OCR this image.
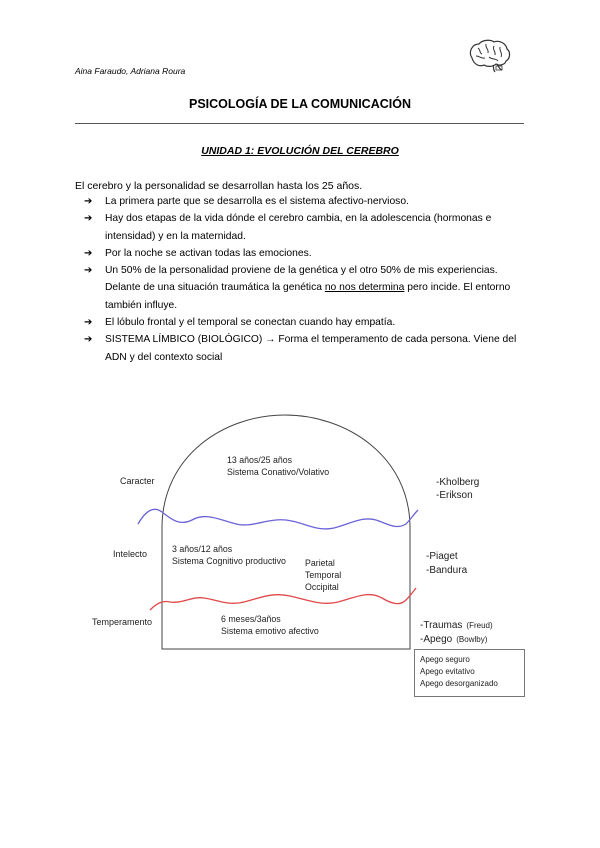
Aina Faraudo, Adriana Roura
PSICOLOGÍA DE LA COMUNICACIÓN
UNIDAD 1: EVOLUCIÓN DEL CEREBRO
El cerebro y la personalidad se desarrollan hasta los 25 años.
➔ La primera parte que se desarrolla es el sistema afectivo-nervioso.
➔ Hay dos etapas de la vida dónde el cerebro cambia, en la adolescencia (hormonas e intensidad) y en la maternidad.
➔ Por la noche se activan todas las emociones.
➔ Un 50% de la personalidad proviene de la genética y el otro 50% de mis experiencias. Delante de una situación traumática la genética no nos determina pero incide. El entorno también influye.
➔ El lóbulo frontal y el temporal se conectan cuando hay empatía.
➔ SISTEMA LÍMBICO (BIOLÓGICO) → Forma el temperamento de cada persona. Viene del ADN y del contexto social
Caracter
Intelecto
Temperamento
13 años/25 años
Sistema Conativo/Volativo
3 años/12 años
Sistema Cognitivo productivo Parietal
Temporal
Occipital
6 meses/3años
Sistema emotivo afectivo
-Kholberg
-Erikson
-Piaget
-Bandura
-Traumas (Freud)
-Apego (Bowlby)
Apego seguro
Apego evitativo
Apego desorganizado
